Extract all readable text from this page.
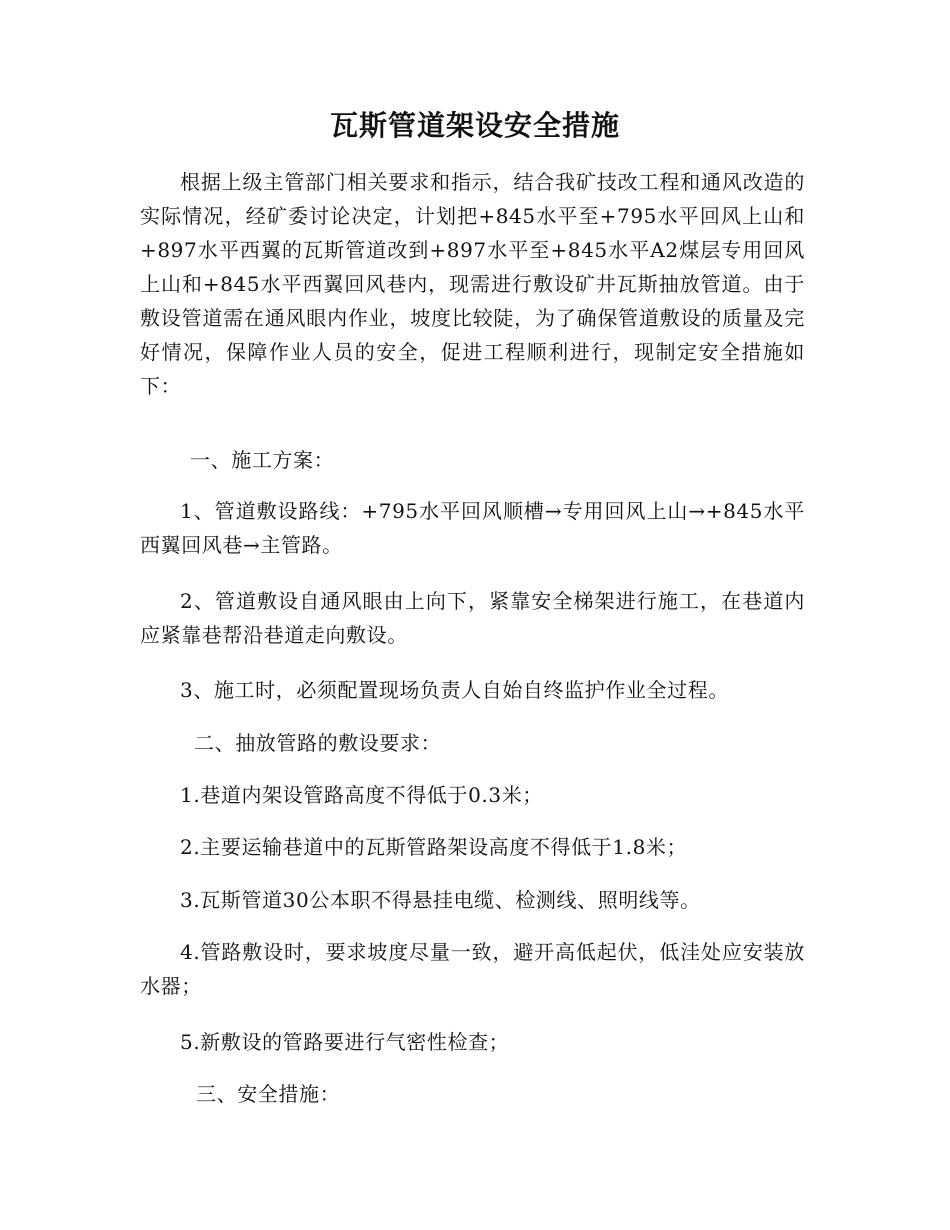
瓦斯管道架设安全措施

根据上级主管部门相关要求和指示，结合我矿技改工程和通风改造的实际情况，经矿委讨论决定，计划把+845水平至+795水平回风上山和+897水平西翼的瓦斯管道改到+897水平至+845水平A2煤层专用回风上山和+845水平西翼回风巷内，现需进行敷设矿井瓦斯抽放管道。由于敷设管道需在通风眼内作业，坡度比较陡，为了确保管道敷设的质量及完好情况，保障作业人员的安全，促进工程顺利进行，现制定安全措施如下：

一、施工方案：

1、管道敷设路线：+795水平回风顺槽→专用回风上山→+845水平西翼回风巷→主管路。

2、管道敷设自通风眼由上向下，紧靠安全梯架进行施工，在巷道内应紧靠巷帮沿巷道走向敷设。

3、施工时，必须配置现场负责人自始自终监护作业全过程。

二、抽放管路的敷设要求：

1.巷道内架设管路高度不得低于0.3米；

2.主要运输巷道中的瓦斯管路架设高度不得低于1.8米；

3.瓦斯管道30公本职不得悬挂电缆、检测线、照明线等。

4.管路敷设时，要求坡度尽量一致，避开高低起伏，低洼处应安装放水器；

5.新敷设的管路要进行气密性检查；

三、安全措施：
